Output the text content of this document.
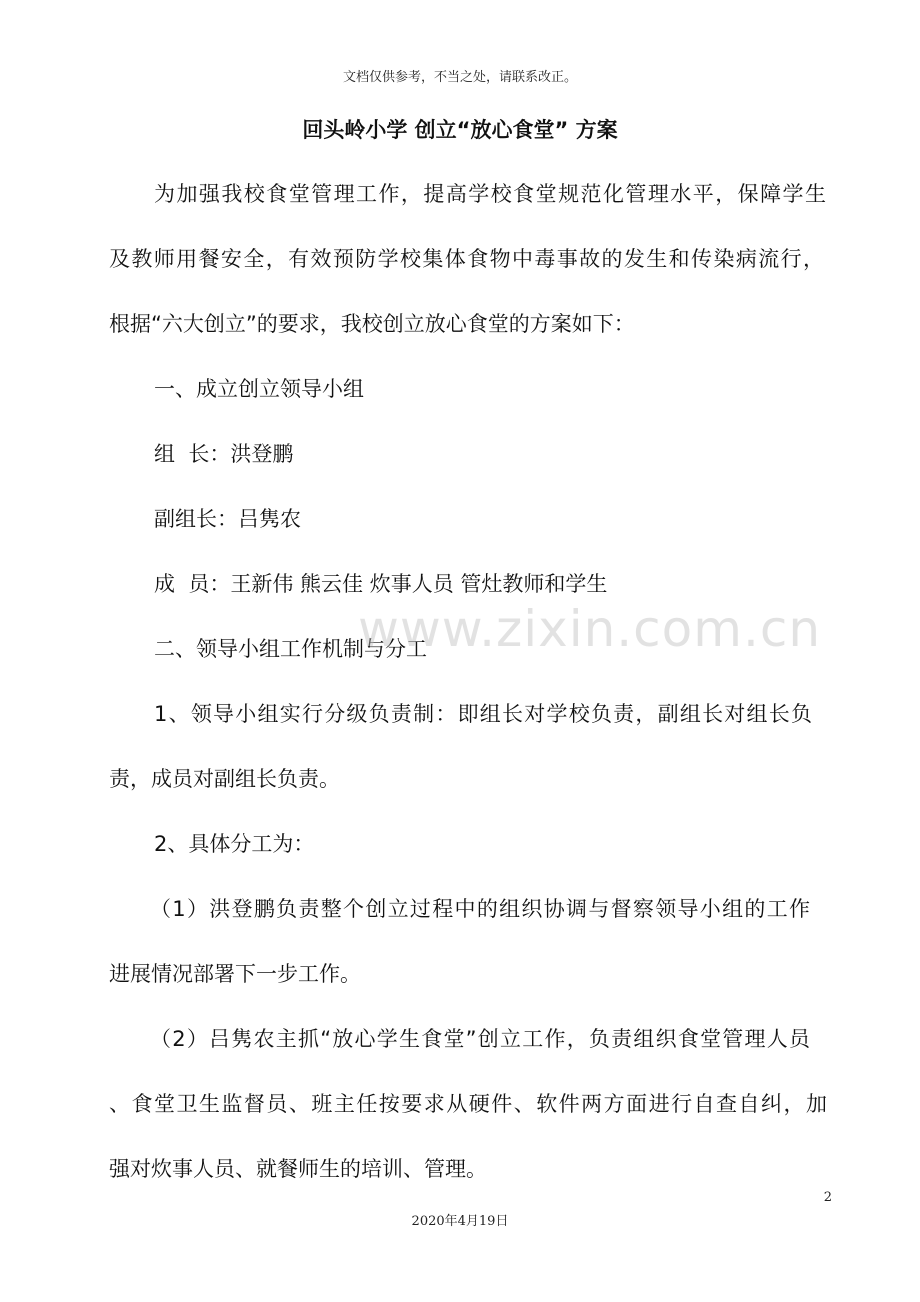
文档仅供参考，不当之处，请联系改正。
回头岭小学 创立“放心食堂” 方案
为加强我校食堂管理工作，提高学校食堂规范化管理水平，保障学生
及教师用餐安全，有效预防学校集体食物中毒事故的发生和传染病流行，
根据“六大创立”的要求，我校创立放心食堂的方案如下：
一、成立创立领导小组
组  长：洪登鹏
副组长：吕隽农
成  员：王新伟 熊云佳 炊事人员 管灶教师和学生
二、领导小组工作机制与分工
1、领导小组实行分级负责制：即组长对学校负责，副组长对组长负
责，成员对副组长负责。
2、具体分工为：
（1）洪登鹏负责整个创立过程中的组织协调与督察领导小组的工作
进展情况部署下一步工作。
（2）吕隽农主抓“放心学生食堂”创立工作，负责组织食堂管理人员
、食堂卫生监督员、班主任按要求从硬件、软件两方面进行自查自纠，加
强对炊事人员、就餐师生的培训、管理。
www.zixin.com.cn
2
2020年4月19日
